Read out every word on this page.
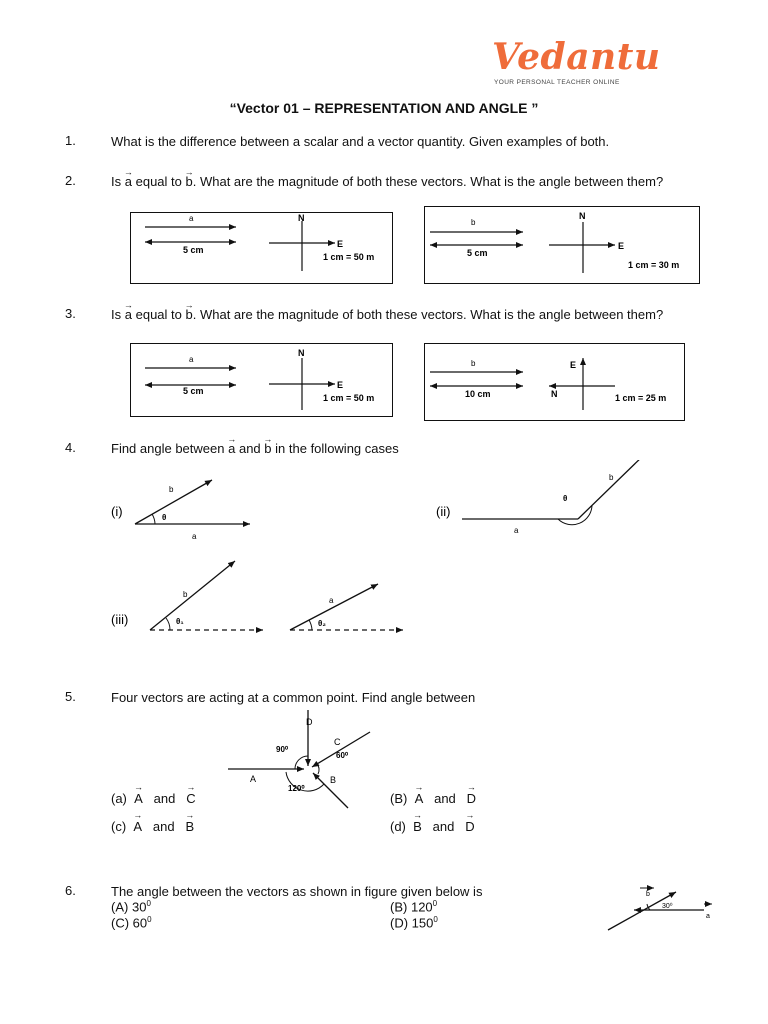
Vedantu
YOUR PERSONAL TEACHER ONLINE
“Vector 01 – REPRESENTATION AND ANGLE ”
1.	What is the difference between a scalar and a vector quantity. Given examples of both.
2.	Is → a equal to → b. What are the magnitude of both these vectors. What is the angle between them?
a
5 cm
N
E
1 cm = 50 m
b
5 cm
N
E
1 cm = 30 m
3.	Is → a equal to → b. What are the magnitude of both these vectors. What is the angle between them?
a
5 cm
N
E
1 cm = 50 m
b
10 cm
E
N	1 cm = 25 m
4.	Find angle between → a and → b in the following cases
(i)	θ
a
b
(ii)
θ
a
b
(iii)	θ₁
b
θ₂
a
5.	Four vectors are acting at a common point. Find angle between
D
C
A	B
90⁰
60⁰
120⁰
(a) → A and → C	(B) → A and → D
(c) → A and → B	(d) → B and → D
6.	The angle between the vectors as shown in figure given below is
(A) $30^0$	(B) $120^0$
(C) $60^0$	(D) $150^0$
b
a
30⁰
